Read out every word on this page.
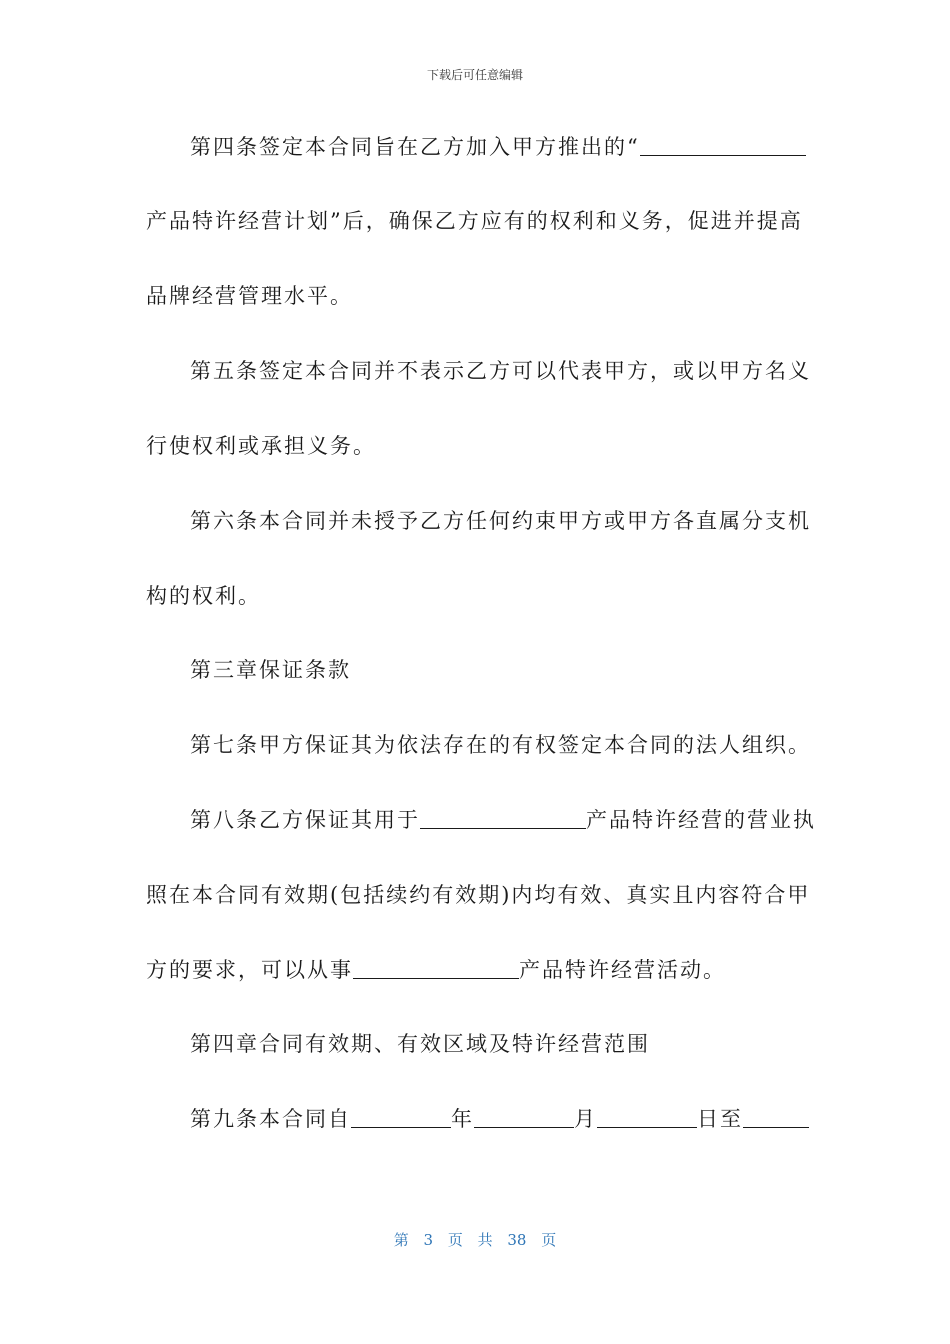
下载后可任意编辑
第四条签定本合同旨在乙方加入甲方推出的“
产品特许经营计划”后，确保乙方应有的权利和义务，促进并提高
品牌经营管理水平。
第五条签定本合同并不表示乙方可以代表甲方，或以甲方名义
行使权利或承担义务。
第六条本合同并未授予乙方任何约束甲方或甲方各直属分支机
构的权利。
第三章保证条款
第七条甲方保证其为依法存在的有权签定本合同的法人组织。
第八条乙方保证其用于	产品特许经营的营业执
照在本合同有效期(包括续约有效期)内均有效、真实且内容符合甲
方的要求，可以从事	产品特许经营活动。
第四章合同有效期、有效区域及特许经营范围
第九条本合同自	年	月	日至
第 3 页 共 38 页
